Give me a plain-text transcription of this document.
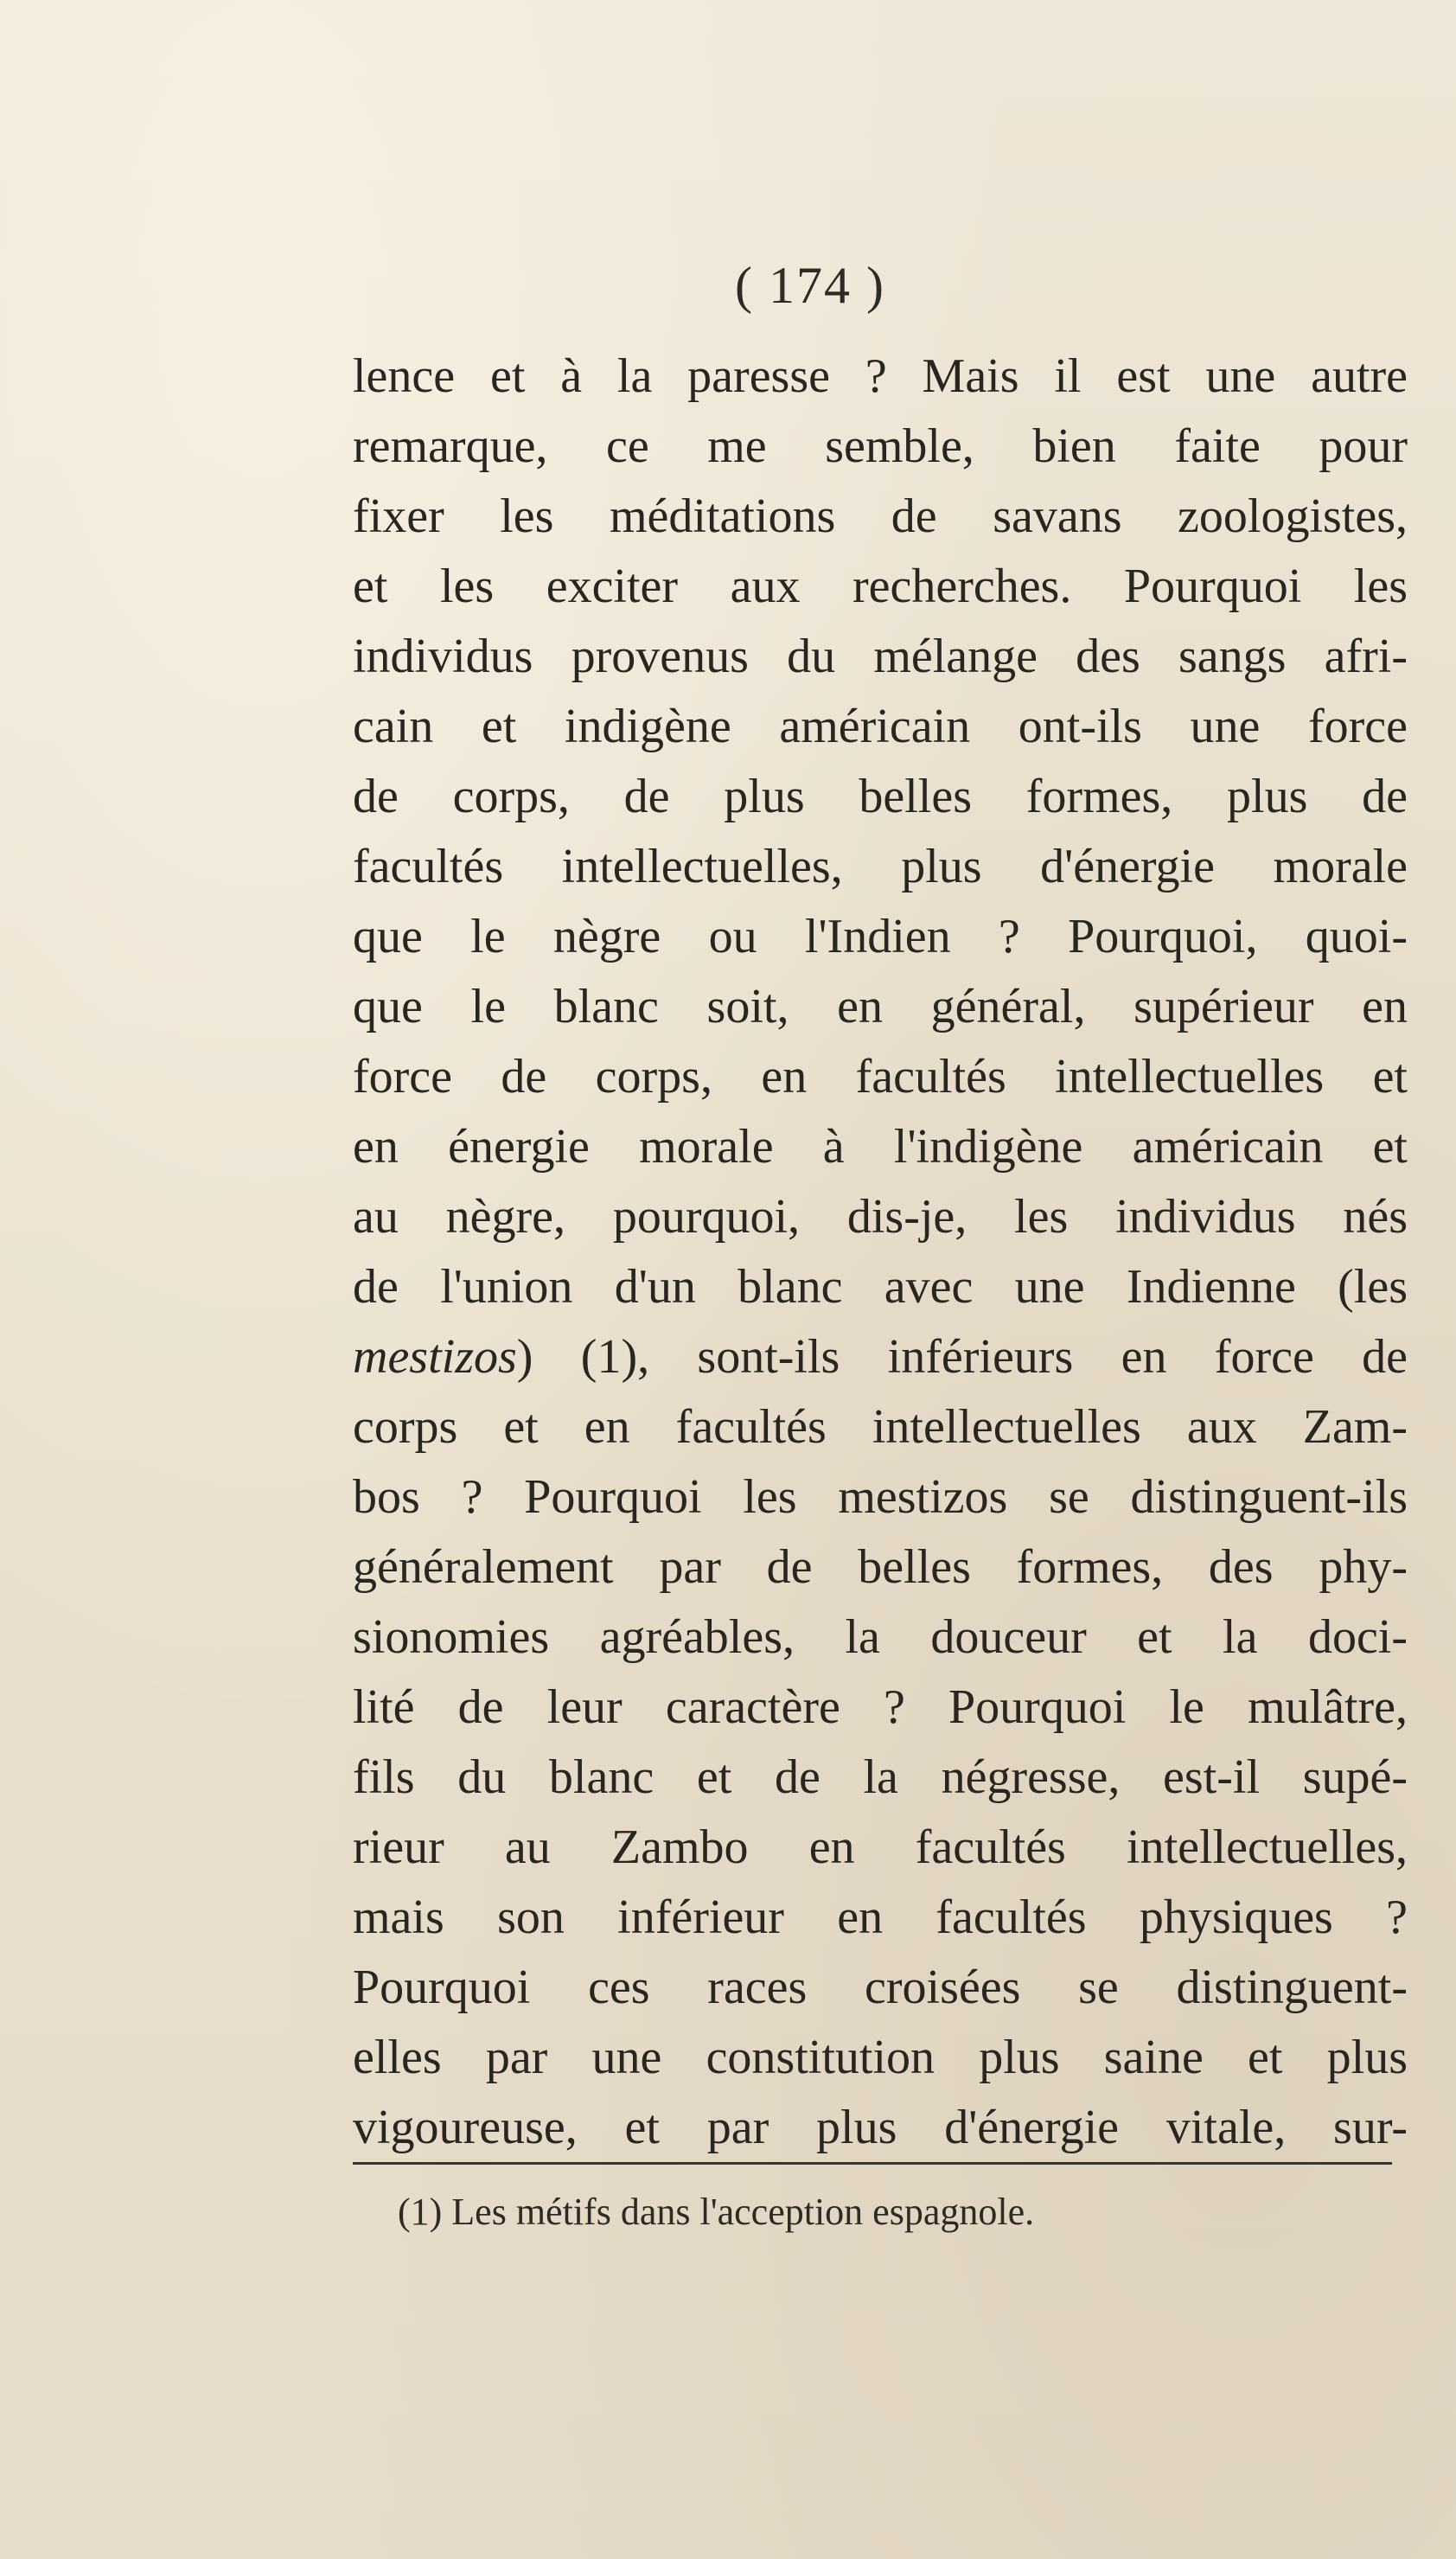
( 174 )
lence et à la paresse ? Mais il est une autre
remarque, ce me semble, bien faite pour
fixer les méditations de savans zoologistes,
et les exciter aux recherches. Pourquoi les
individus provenus du mélange des sangs afri-
cain et indigène américain ont-ils une force
de corps, de plus belles formes, plus de
facultés intellectuelles, plus d'énergie morale
que le nègre ou l'Indien ? Pourquoi, quoi-
que le blanc soit, en général, supérieur en
force de corps, en facultés intellectuelles et
en énergie morale à l'indigène américain et
au nègre, pourquoi, dis-je, les individus nés
de l'union d'un blanc avec une Indienne (les
mestizos) (1), sont-ils inférieurs en force de
corps et en facultés intellectuelles aux Zam-
bos ? Pourquoi les mestizos se distinguent-ils
généralement par de belles formes, des phy-
sionomies agréables, la douceur et la doci-
lité de leur caractère ? Pourquoi le mulâtre,
fils du blanc et de la négresse, est-il supé-
rieur au Zambo en facultés intellectuelles,
mais son inférieur en facultés physiques ?
Pourquoi ces races croisées se distinguent-
elles par une constitution plus saine et plus
vigoureuse, et par plus d'énergie vitale, sur-
(1) Les métifs dans l'acception espagnole.
